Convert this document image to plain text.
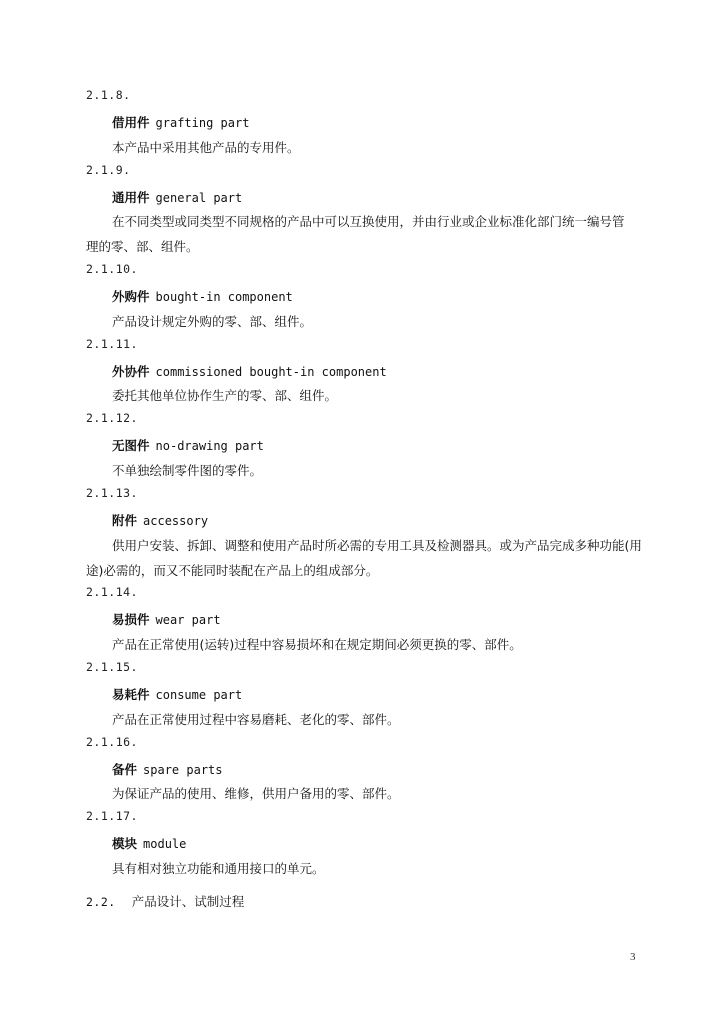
2.1.8.
借用件 grafting part
本产品中采用其他产品的专用件。
2.1.9.
通用件 general part
在不同类型或同类型不同规格的产品中可以互换使用，并由行业或企业标准化部门统一编号管
理的零、部、组件。
2.1.10.
外购件 bought-in component
产品设计规定外购的零、部、组件。
2.1.11.
外协件 commissioned bought-in component
委托其他单位协作生产的零、部、组件。
2.1.12.
无图件 no-drawing part
不单独绘制零件图的零件。
2.1.13.
附件 accessory
供用户安装、拆卸、调整和使用产品时所必需的专用工具及检测器具。或为产品完成多种功能(用
途)必需的，而又不能同时装配在产品上的组成部分。
2.1.14.
易损件 wear part
产品在正常使用(运转)过程中容易损坏和在规定期间必须更换的零、部件。
2.1.15.
易耗件 consume part
产品在正常使用过程中容易磨耗、老化的零、部件。
2.1.16.
备件 spare parts
为保证产品的使用、维修，供用户备用的零、部件。
2.1.17.
模块 module
具有相对独立功能和通用接口的单元。
2.2. 产品设计、试制过程
3
